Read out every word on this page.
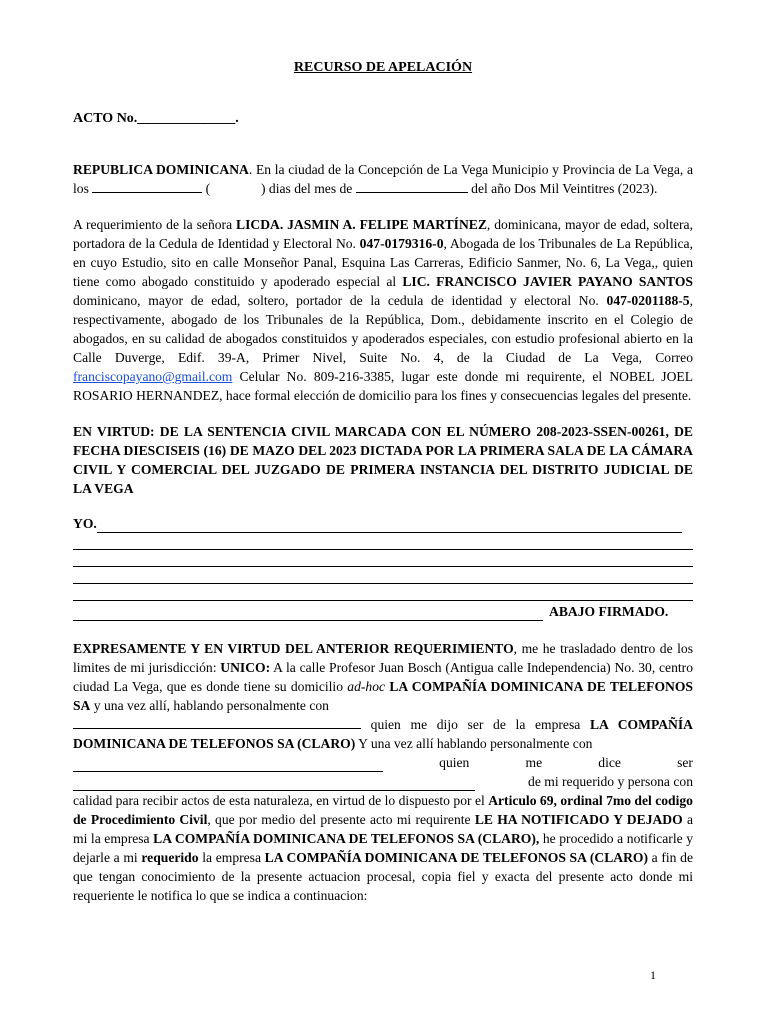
RECURSO DE APELACIÓN
ACTO No.______________.

REPUBLICA DOMINICANA. En la ciudad de la Concepción de La Vega Municipio y Provincia de La Vega, a los	(	) dias del mes de	del año Dos Mil Veintitres (2023).

A requerimiento de la señora LICDA. JASMIN A. FELIPE MARTÍNEZ, dominicana, mayor de edad, soltera, portadora de la Cedula de Identidad y Electoral No. 047-0179316-0, Abogada de los Tribunales de La República, en cuyo Estudio, sito en calle Monseñor Panal, Esquina Las Carreras, Edificio Sanmer, No. 6, La Vega,, quien tiene como abogado constituido y apoderado especial al LIC. FRANCISCO JAVIER PAYANO SANTOS dominicano, mayor de edad, soltero, portador de la cedula de identidad y electoral No. 047-0201188-5, respectivamente, abogado de los Tribunales de la República, Dom., debidamente inscrito en el Colegio de abogados, en su calidad de abogados constituidos y apoderados especiales, con estudio profesional abierto en la Calle Duverge, Edif. 39-A, Primer Nivel, Suite No. 4, de la Ciudad de La Vega, Correo franciscopayano@gmail.com Celular No. 809-216-3385, lugar este donde mi requirente, el NOBEL JOEL ROSARIO HERNANDEZ, hace formal elección de domicilio para los fines y consecuencias legales del presente.

EN VIRTUD: DE LA SENTENCIA CIVIL MARCADA CON EL NÚMERO 208-2023-SSEN-00261, DE FECHA DIESCISEIS (16) DE MAZO DEL 2023 DICTADA POR LA PRIMERA SALA DE LA CÁMARA CIVIL Y COMERCIAL DEL JUZGADO DE PRIMERA INSTANCIA DEL DISTRITO JUDICIAL DE LA VEGA

YO.
ABAJO FIRMADO.

EXPRESAMENTE Y EN VIRTUD DEL ANTERIOR REQUERIMIENTO, me he trasladado dentro de los limites de mi jurisdicción: UNICO: A la calle Profesor Juan Bosch (Antigua calle Independencia) No. 30, centro ciudad La Vega, que es donde tiene su domicilio ad-hoc LA COMPAÑÍA DOMINICANA DE TELEFONOS SA y una vez allí, hablando personalmente con
quien me dijo ser de la empresa LA COMPAÑÍA DOMINICANA DE TELEFONOS SA (CLARO) Y una vez allí hablando personalmente con

quien	me	dice	ser
de mi requerido y persona con

calidad para recibir actos de esta naturaleza, en virtud de lo dispuesto por el Articulo 69, ordinal 7mo del codigo de Procedimiento Civil, que por medio del presente acto mi requirente LE HA NOTIFICADO Y DEJADO a mi la empresa LA COMPAÑÍA DOMINICANA DE TELEFONOS SA (CLARO), he procedido a notificarle y dejarle a mi requerido la empresa LA COMPAÑÍA DOMINICANA DE TELEFONOS SA (CLARO) a fin de que tengan conocimiento de la presente actuacion procesal, copia fiel y exacta del presente acto donde mi requeriente le notifica lo que se indica a continuacion:

1
